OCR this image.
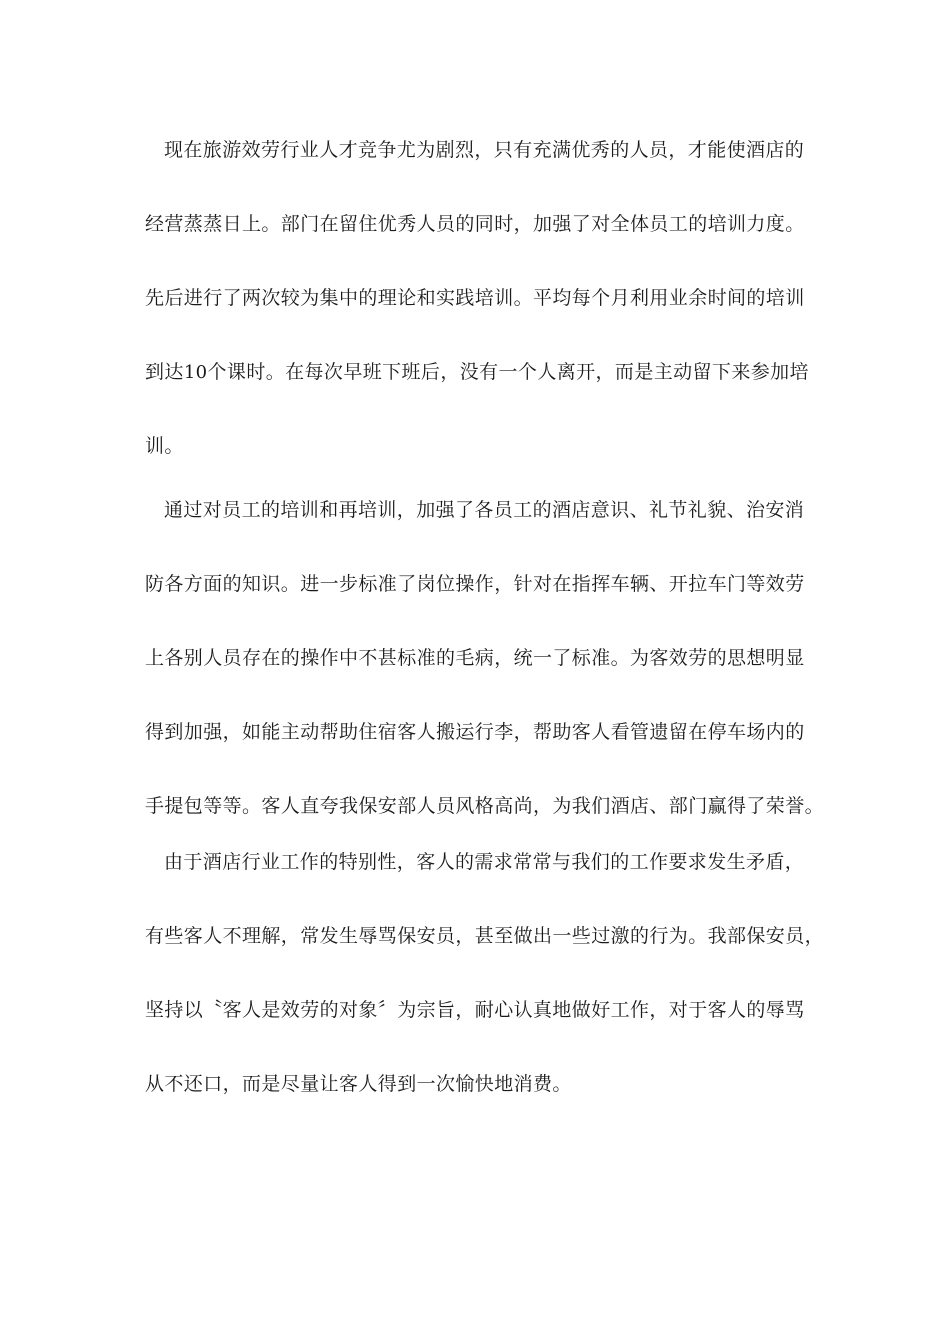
现在旅游效劳行业人才竞争尤为剧烈，只有充满优秀的人员，才能使酒店的
经营蒸蒸日上。部门在留住优秀人员的同时，加强了对全体员工的培训力度。
先后进行了两次较为集中的理论和实践培训。平均每个月利用业余时间的培训
到达10个课时。在每次早班下班后，没有一个人离开，而是主动留下来参加培
训。
通过对员工的培训和再培训，加强了各员工的酒店意识、礼节礼貌、治安消
防各方面的知识。进一步标准了岗位操作，针对在指挥车辆、开拉车门等效劳
上各别人员存在的操作中不甚标准的毛病，统一了标准。为客效劳的思想明显
得到加强，如能主动帮助住宿客人搬运行李，帮助客人看管遗留在停车场内的
手提包等等。客人直夸我保安部人员风格高尚，为我们酒店、部门赢得了荣誉。
由于酒店行业工作的特别性，客人的需求常常与我们的工作要求发生矛盾，
有些客人不理解，常发生辱骂保安员，甚至做出一些过激的行为。我部保安员，
坚持以〝客人是效劳的对象〞为宗旨，耐心认真地做好工作，对于客人的辱骂
从不还口，而是尽量让客人得到一次愉快地消费。
